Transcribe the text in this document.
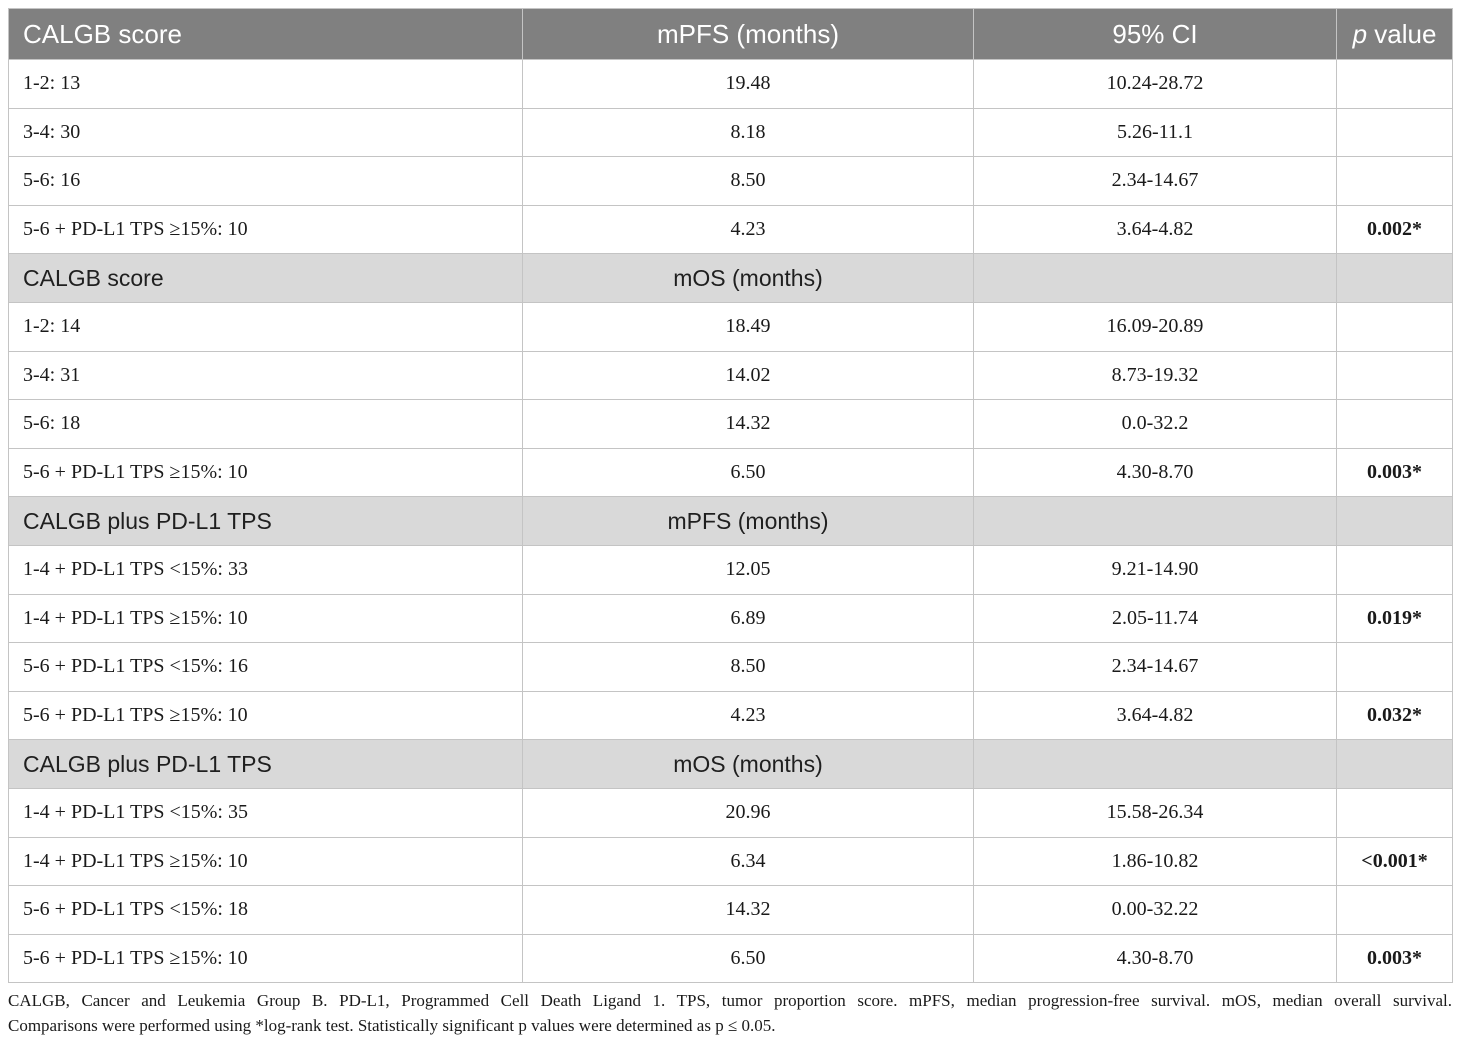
CALGB score	mPFS (months)	95% CI	p value
1-2: 13	19.48	10.24-28.72	
3-4: 30	8.18	5.26-11.1	
5-6: 16	8.50	2.34-14.67	
5-6 + PD-L1 TPS ≥15%: 10	4.23	3.64-4.82	0.002*
CALGB score	mOS (months)		
1-2: 14	18.49	16.09-20.89	
3-4: 31	14.02	8.73-19.32	
5-6: 18	14.32	0.0-32.2	
5-6 + PD-L1 TPS ≥15%: 10	6.50	4.30-8.70	0.003*
CALGB plus PD-L1 TPS	mPFS (months)		
1-4 + PD-L1 TPS <15%: 33	12.05	9.21-14.90	
1-4 + PD-L1 TPS ≥15%: 10	6.89	2.05-11.74	0.019*
5-6 + PD-L1 TPS <15%: 16	8.50	2.34-14.67	
5-6 + PD-L1 TPS ≥15%: 10	4.23	3.64-4.82	0.032*
CALGB plus PD-L1 TPS	mOS (months)		
1-4 + PD-L1 TPS <15%: 35	20.96	15.58-26.34	
1-4 + PD-L1 TPS ≥15%: 10	6.34	1.86-10.82	<0.001*
5-6 + PD-L1 TPS <15%: 18	14.32	0.00-32.22	
5-6 + PD-L1 TPS ≥15%: 10	6.50	4.30-8.70	0.003*
CALGB, Cancer and Leukemia Group B. PD-L1, Programmed Cell Death Ligand 1. TPS, tumor proportion score. mPFS, median progression-free survival. mOS, median overall survival.
Comparisons were performed using *log-rank test. Statistically significant p values were determined as p ≤ 0.05.
